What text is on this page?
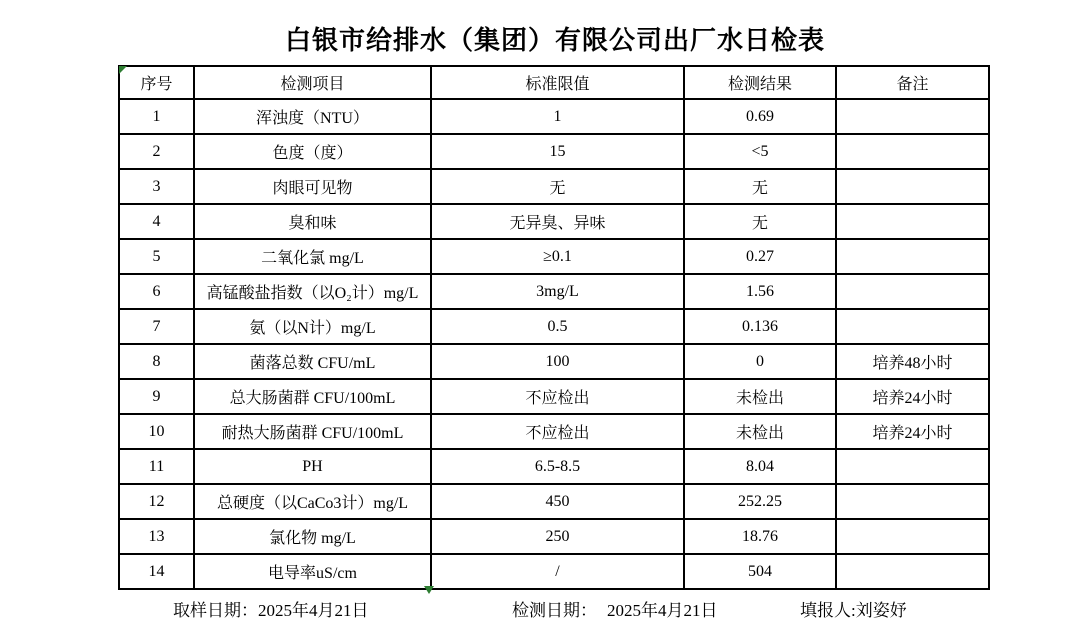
白银市给排水（集团）有限公司出厂水日检表
序号	检测项目	标准限值	检测结果	备注
1	浑浊度（NTU）	1	0.69
2	色度（度）	15	<5
3	肉眼可见物	无	无
4	臭和味	无异臭、异味	无
5	二氧化氯 mg/L	≥0.1	0.27
6	高锰酸盐指数（以O₂计）mg/L	3mg/L	1.56
7	氨（以N计）mg/L	0.5	0.136
8	菌落总数 CFU/mL	100	0	培养48小时
9	总大肠菌群 CFU/100mL	不应检出	未检出	培养24小时
10	耐热大肠菌群 CFU/100mL	不应检出	未检出	培养24小时
11	PH	6.5-8.5	8.04
12	总硬度（以CaCo3计）mg/L	450	252.25
13	氯化物 mg/L	250	18.76
14	电导率uS/cm	/	504
取样日期：2025年4月21日	检测日期： 2025年4月21日	填报人:刘姿妤
